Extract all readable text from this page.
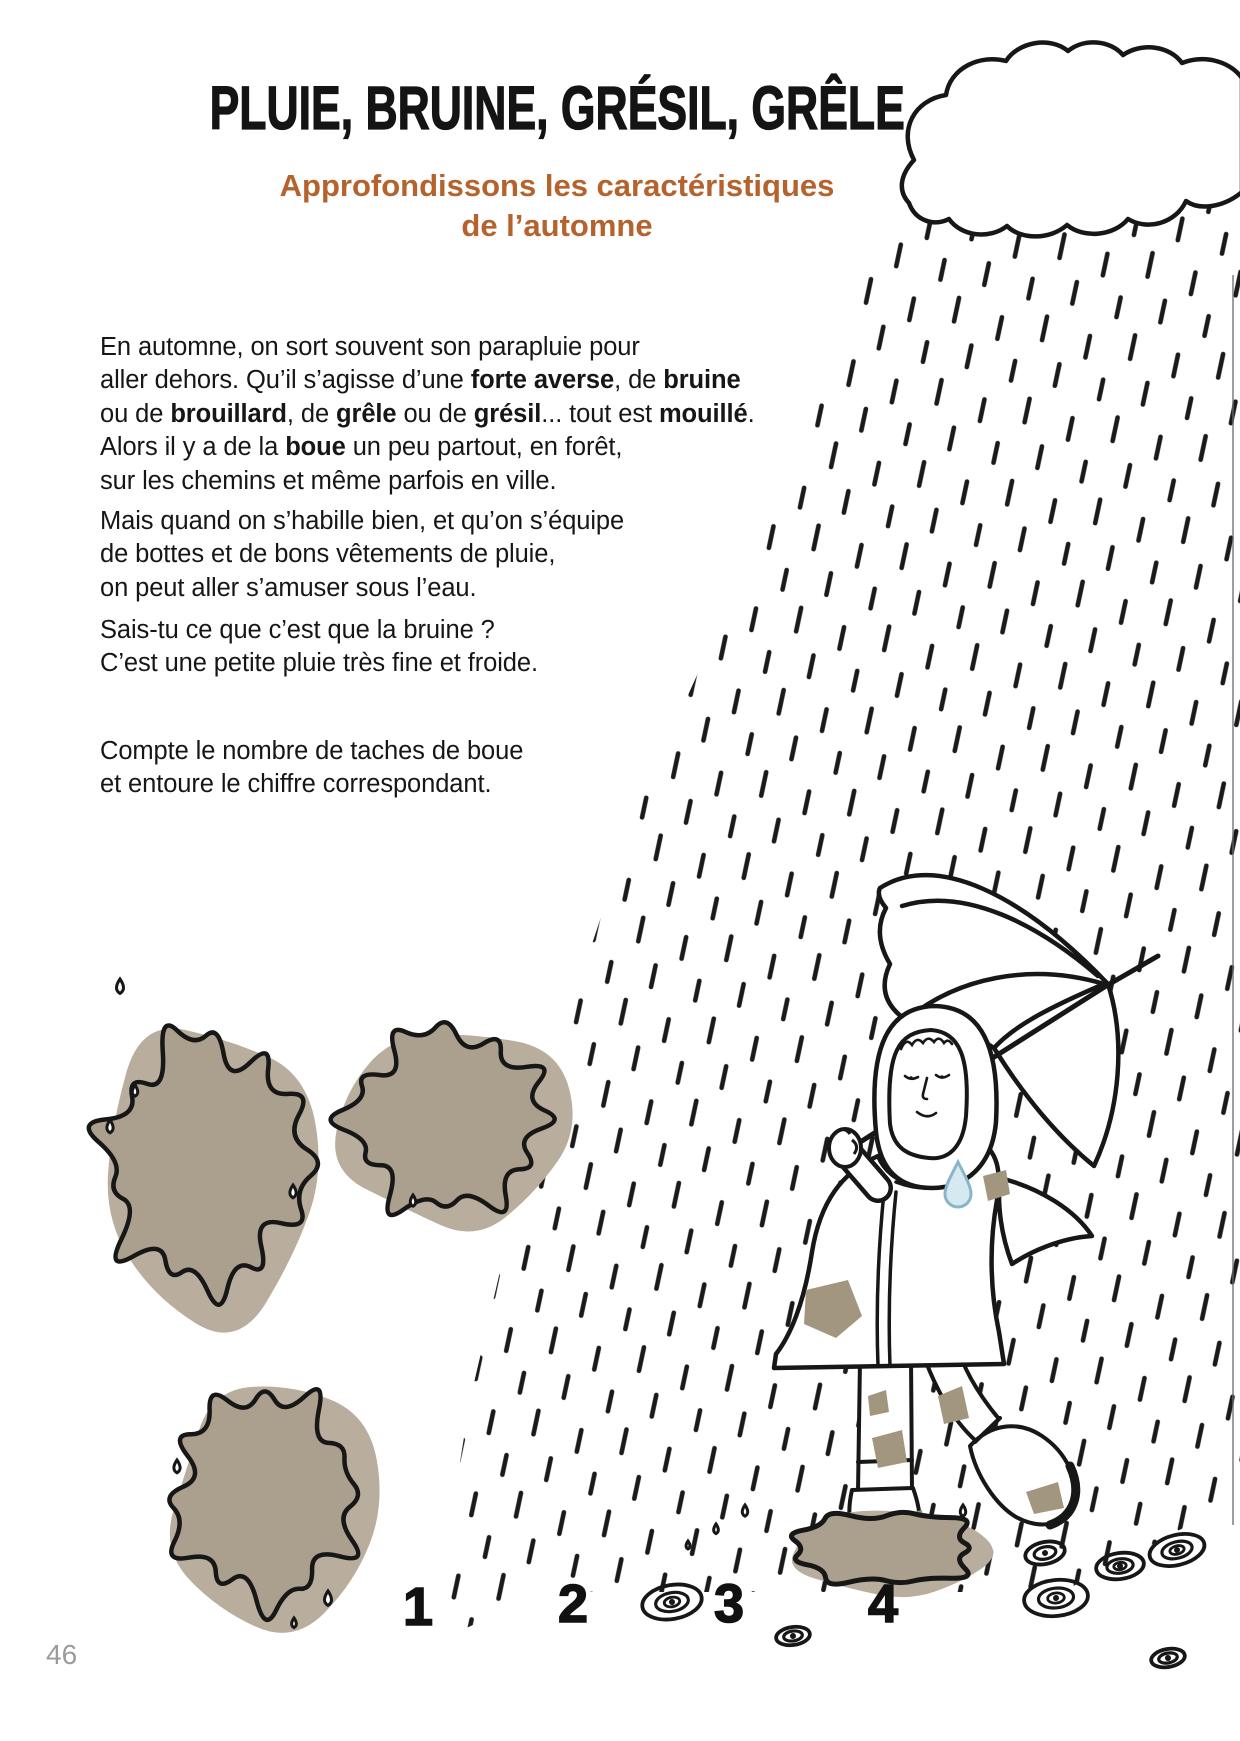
PLUIE, BRUINE, GRÉSIL, GRÊLE
Approfondissons les caractéristiques
de l’automne
En automne, on sort souvent son parapluie pour
aller dehors. Qu’il s’agisse d’une forte averse, de bruine
ou de brouillard, de grêle ou de grésil... tout est mouillé.
Alors il y a de la boue un peu partout, en forêt,
sur les chemins et même parfois en ville.
Mais quand on s’habille bien, et qu’on s’équipe
de bottes et de bons vêtements de pluie,
on peut aller s’amuser sous l’eau.
Sais-tu ce que c’est que la bruine ?
C’est une petite pluie très fine et froide.
Compte le nombre de taches de boue
et entoure le chiffre correspondant.
1 2 3 4
46
